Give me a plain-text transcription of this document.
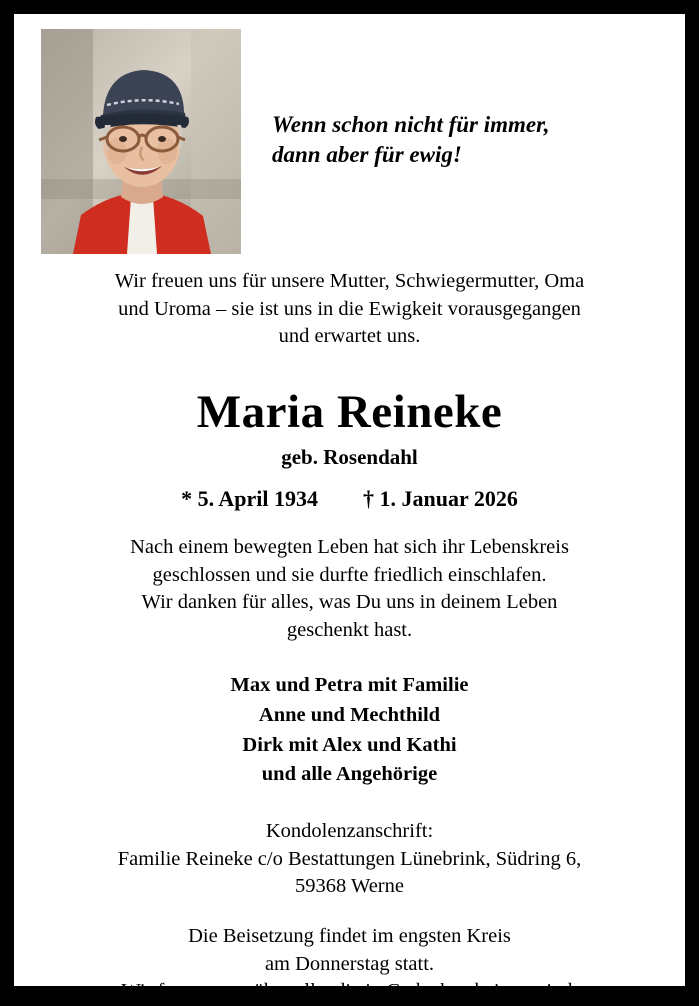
Wenn schon nicht für immer,
dann aber für ewig!
Wir freuen uns für unsere Mutter, Schwiegermutter, Oma
und Uroma – sie ist uns in die Ewigkeit vorausgegangen
und erwartet uns.
Maria Reineke
geb. Rosendahl
* 5. April 1934 † 1. Januar 2026
Nach einem bewegten Leben hat sich ihr Lebenskreis
geschlossen und sie durfte friedlich einschlafen.
Wir danken für alles, was Du uns in deinem Leben
geschenkt hast.
Max und Petra mit Familie
Anne und Mechthild
Dirk mit Alex und Kathi
und alle Angehörige
Kondolenzanschrift:
Familie Reineke c/o Bestattungen Lünebrink, Südring 6,
59368 Werne
Die Beisetzung findet im engsten Kreis
am Donnerstag statt.
Wir freuen uns, über alle, die in Gedanken bei uns sind.
